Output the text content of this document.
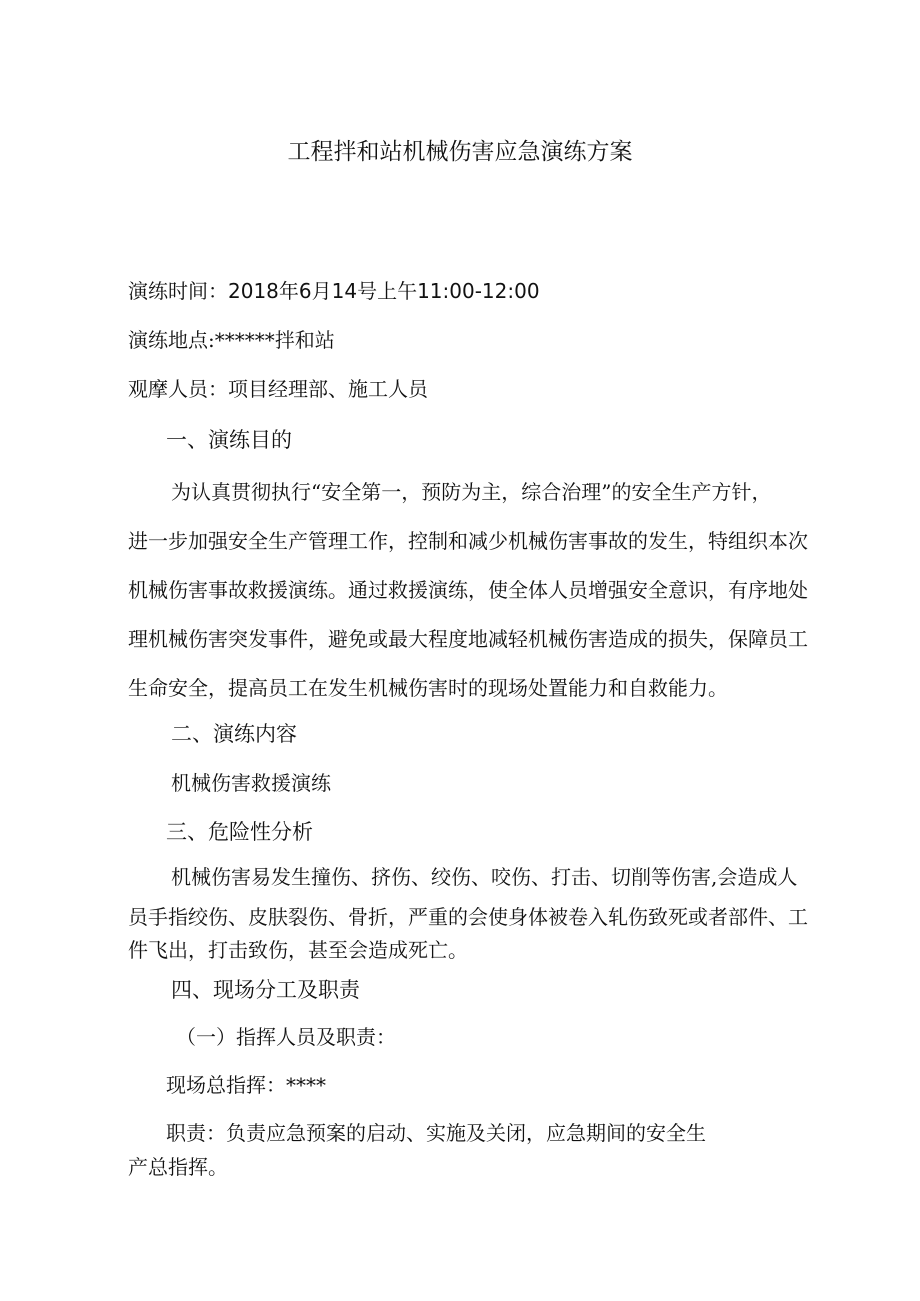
工程拌和站机械伤害应急演练方案
演练时间：2018年6月14号上午11:00-12:00
演练地点:******拌和站
观摩人员：项目经理部、施工人员
一、演练目的
为认真贯彻执行“安全第一，预防为主，综合治理”的安全生产方针，
进一步加强安全生产管理工作，控制和减少机械伤害事故的发生，特组织本次
机械伤害事故救援演练。通过救援演练，使全体人员增强安全意识，有序地处
理机械伤害突发事件，避免或最大程度地减轻机械伤害造成的损失，保障员工
生命安全，提高员工在发生机械伤害时的现场处置能力和自救能力。
二、演练内容
机械伤害救援演练
三、危险性分析
机械伤害易发生撞伤、挤伤、绞伤、咬伤、打击、切削等伤害,会造成人
员手指绞伤、皮肤裂伤、骨折，严重的会使身体被卷入轧伤致死或者部件、工
件飞出，打击致伤，甚至会造成死亡。
四、现场分工及职责
（一）指挥人员及职责：
现场总指挥：****
职责：负责应急预案的启动、实施及关闭，应急期间的安全生
产总指挥。
